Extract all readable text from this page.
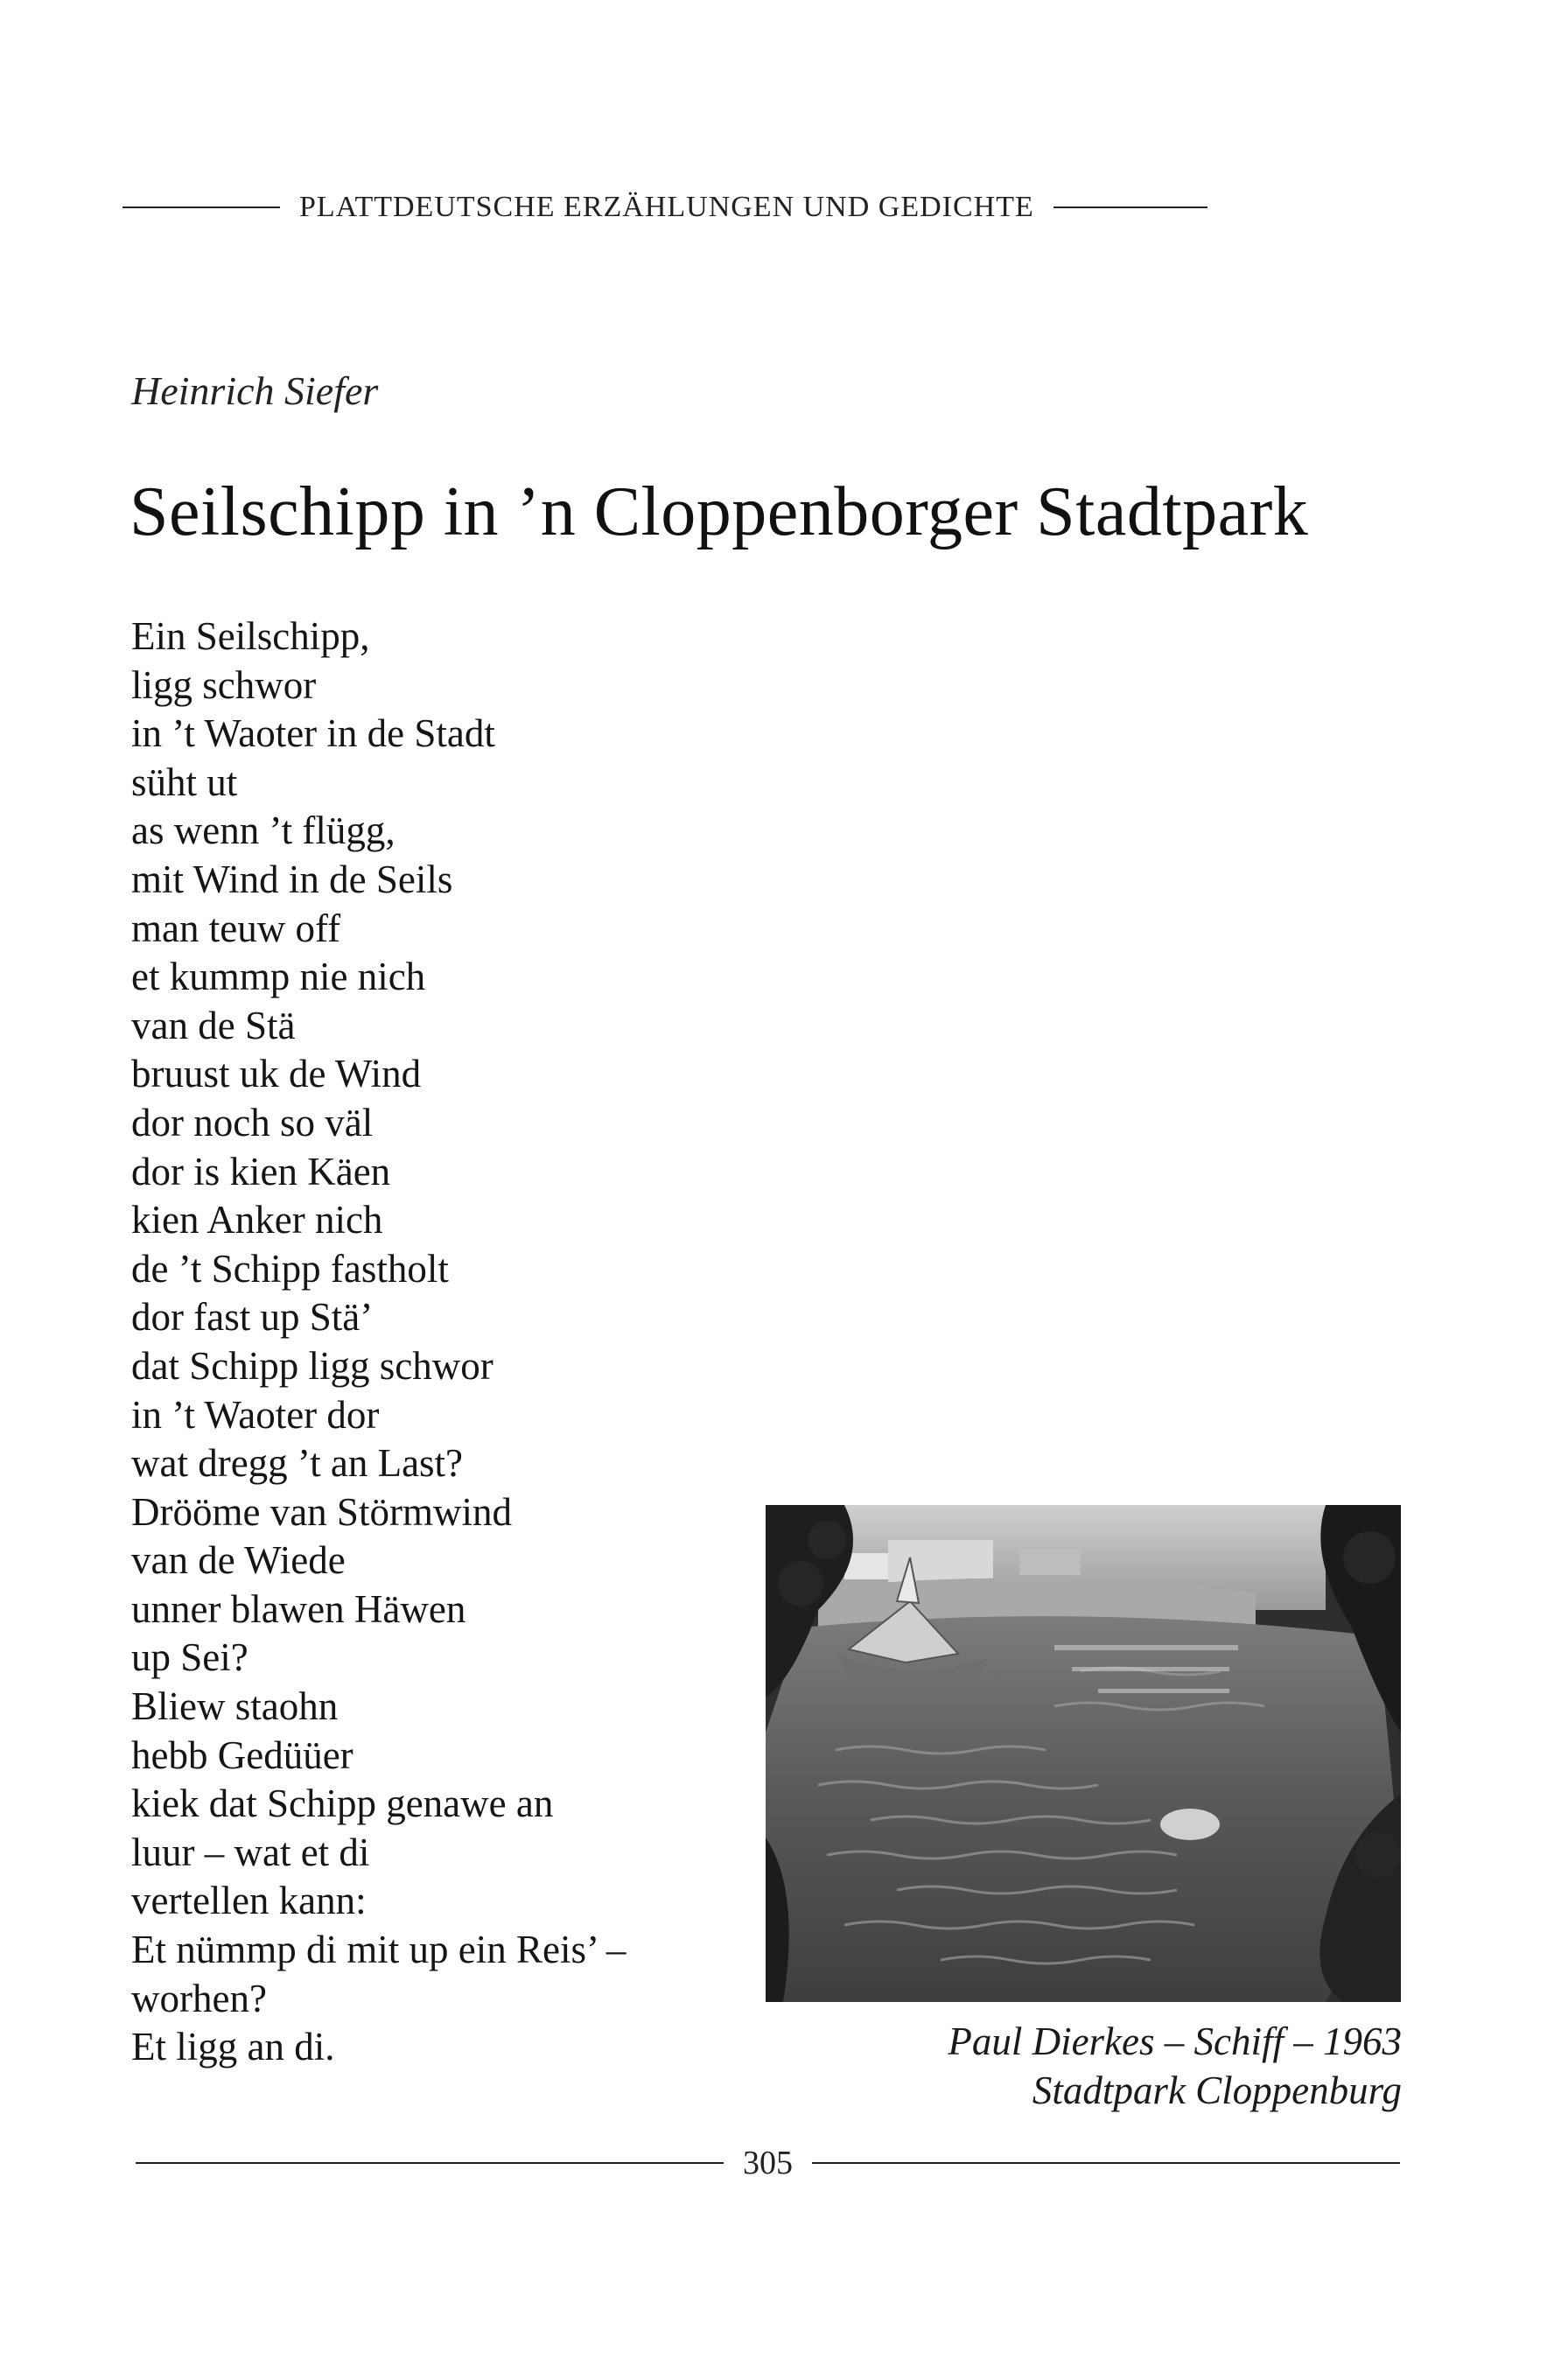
PLATTDEUTSCHE ERZÄHLUNGEN UND GEDICHTE
Heinrich Siefer
Seilschipp in ’n Cloppenborger Stadtpark
Ein Seilschipp,
ligg schwor
in ’t Waoter in de Stadt
süht ut
as wenn ’t flügg,
mit Wind in de Seils
man teuw off
et kummp nie nich
van de Stä
bruust uk de Wind
dor noch so väl
dor is kien Käen
kien Anker nich
de ’t Schipp fastholt
dor fast up Stä’
dat Schipp ligg schwor
in ’t Waoter dor
wat dregg ’t an Last?
Drööme van Störmwind
van de Wiede
unner blawen Häwen
up Sei?
Bliew staohn
hebb Gedüüer
kiek dat Schipp genawe an
luur – wat et di
vertellen kann:
Et nümmp di mit up ein Reis’ –
worhen?
Et ligg an di.	Paul Dierkes – Schiff – 1963
Stadtpark Cloppenburg
305
